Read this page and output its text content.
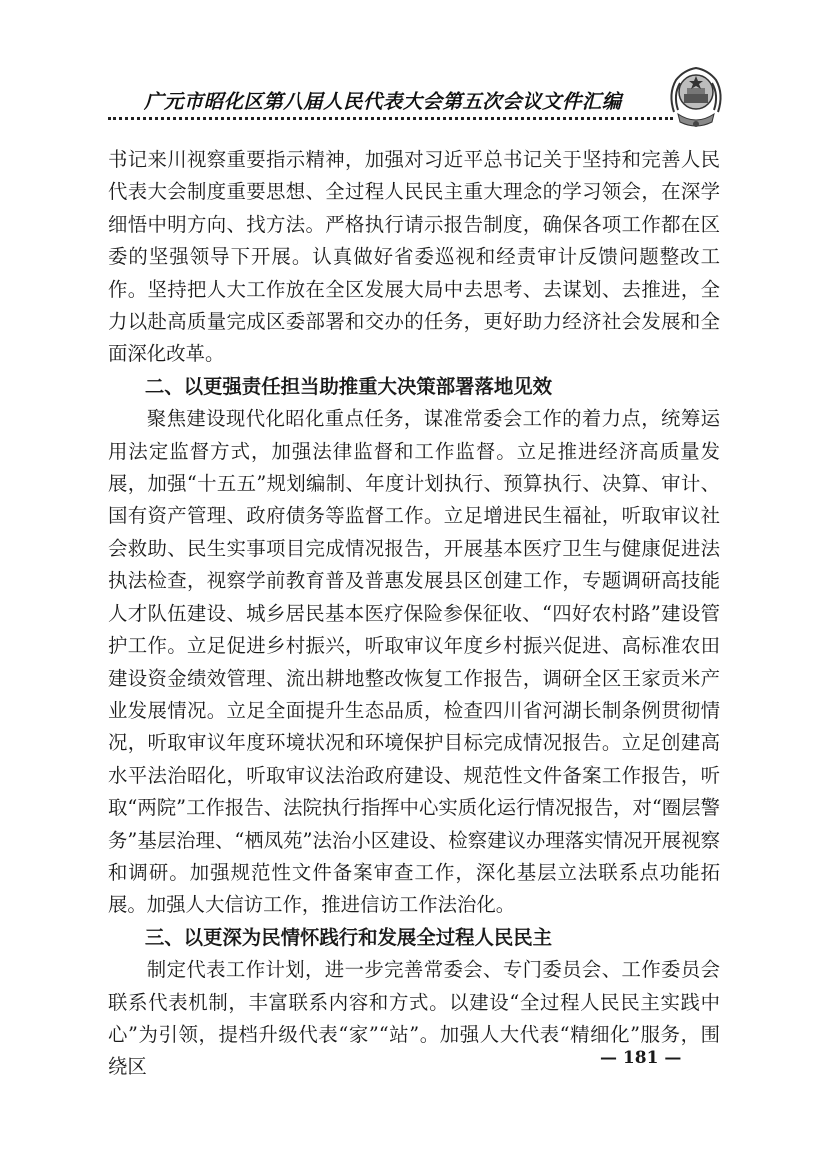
广元市昭化区第八届人民代表大会第五次会议文件汇编

书记来川视察重要指示精神，加强对习近平总书记关于坚持和完善人民代表大会制度重要思想、全过程人民民主重大理念的学习领会，在深学细悟中明方向、找方法。严格执行请示报告制度，确保各项工作都在区委的坚强领导下开展。认真做好省委巡视和经责审计反馈问题整改工作。坚持把人大工作放在全区发展大局中去思考、去谋划、去推进，全力以赴高质量完成区委部署和交办的任务，更好助力经济社会发展和全面深化改革。

二、以更强责任担当助推重大决策部署落地见效

聚焦建设现代化昭化重点任务，谋准常委会工作的着力点，统筹运用法定监督方式，加强法律监督和工作监督。立足推进经济高质量发展，加强“十五五”规划编制、年度计划执行、预算执行、决算、审计、国有资产管理、政府债务等监督工作。立足增进民生福祉，听取审议社会救助、民生实事项目完成情况报告，开展基本医疗卫生与健康促进法执法检查，视察学前教育普及普惠发展县区创建工作，专题调研高技能人才队伍建设、城乡居民基本医疗保险参保征收、“四好农村路”建设管护工作。立足促进乡村振兴，听取审议年度乡村振兴促进、高标准农田建设资金绩效管理、流出耕地整改恢复工作报告，调研全区王家贡米产业发展情况。立足全面提升生态品质，检查四川省河湖长制条例贯彻情况，听取审议年度环境状况和环境保护目标完成情况报告。立足创建高水平法治昭化，听取审议法治政府建设、规范性文件备案工作报告，听取“两院”工作报告、法院执行指挥中心实质化运行情况报告，对“圈层警务”基层治理、“栖凤苑”法治小区建设、检察建议办理落实情况开展视察和调研。加强规范性文件备案审查工作，深化基层立法联系点功能拓展。加强人大信访工作，推进信访工作法治化。

三、以更深为民情怀践行和发展全过程人民民主

制定代表工作计划，进一步完善常委会、专门委员会、工作委员会联系代表机制，丰富联系内容和方式。以建设“全过程人民民主实践中心”为引领，提档升级代表“家”“站”。加强人大代表“精细化”服务，围绕区	— 181 —
